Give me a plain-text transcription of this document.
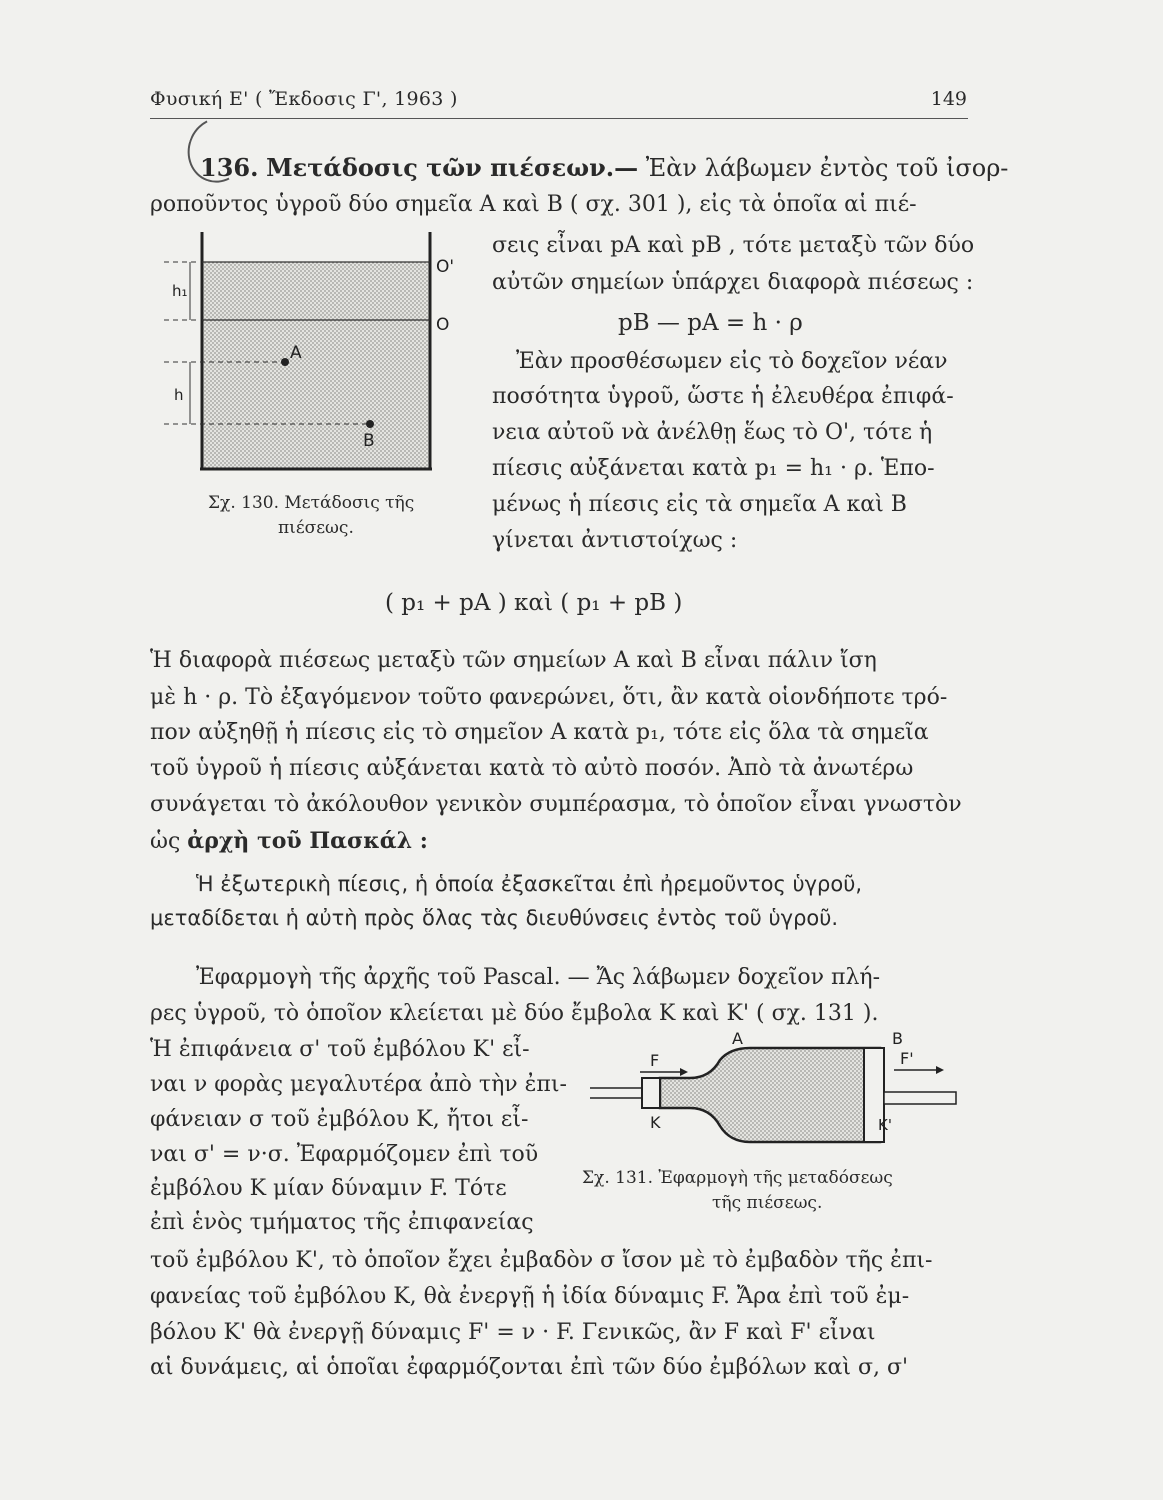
Φυσική Ε' ( Ἔκδοσις Γ', 1963 )	149
136. Μετάδοσις τῶν πιέσεων.— Ἐὰν λάβωμεν ἐντὸς τοῦ ἰσορ-
ροποῦντος ὑγροῦ δύο σημεῖα Α καὶ Β ( σχ. 301 ), εἰς τὰ ὁποῖα αἱ πιέ-
σεις εἶναι pΑ καὶ pΒ , τότε μεταξὺ τῶν δύο
αὐτῶν σημείων ὑπάρχει διαφορὰ πιέσεως :
pΒ — pΑ = h · ρ
Ἐὰν προσθέσωμεν εἰς τὸ δοχεῖον νέαν
ποσότητα ὑγροῦ, ὥστε ἡ ἐλευθέρα ἐπιφά-
νεια αὐτοῦ νὰ ἀνέλθῃ ἕως τὸ Ο', τότε ἡ
πίεσις αὐξάνεται κατὰ p₁ = h₁ · ρ. Ἑπο-
μένως ἡ πίεσις εἰς τὰ σημεῖα Α καὶ Β
γίνεται ἀντιστοίχως :
O'
O
A
B
h₁
h
Σχ. 130. Μετάδοσις τῆς
πιέσεως.
( p₁ + pΑ ) καὶ ( p₁ + pΒ )
Ἡ διαφορὰ πιέσεως μεταξὺ τῶν σημείων Α καὶ Β εἶναι πάλιν ἴση
μὲ h · ρ. Τὸ ἐξαγόμενον τοῦτο φανερώνει, ὅτι, ἂν κατὰ οἱονδήποτε τρό-
πον αὐξηθῇ ἡ πίεσις εἰς τὸ σημεῖον Α κατὰ p₁, τότε εἰς ὅλα τὰ σημεῖα
τοῦ ὑγροῦ ἡ πίεσις αὐξάνεται κατὰ τὸ αὐτὸ ποσόν. Ἀπὸ τὰ ἀνωτέρω
συνάγεται τὸ ἀκόλουθον γενικὸν συμπέρασμα, τὸ ὁποῖον εἶναι γνωστὸν
ὡς ἀρχὴ τοῦ Πασκάλ :
Ἡ ἐξωτερικὴ πίεσις, ἡ ὁποία ἐξασκεῖται ἐπὶ ἠρεμοῦντος ὑγροῦ,
μεταδίδεται ἡ αὐτὴ πρὸς ὅλας τὰς διευθύνσεις ἐντὸς τοῦ ὑγροῦ.
Ἐφαρμογὴ τῆς ἀρχῆς τοῦ Pascal. — Ἄς λάβωμεν δοχεῖον πλή-
ρες ὑγροῦ, τὸ ὁποῖον κλείεται μὲ δύο ἔμβολα Κ καὶ Κ' ( σχ. 131 ).
Ἡ ἐπιφάνεια σ' τοῦ ἐμβόλου Κ' εἶ-
ναι ν φορὰς μεγαλυτέρα ἀπὸ τὴν ἐπι-
φάνειαν σ τοῦ ἐμβόλου Κ, ἤτοι εἶ-
ναι σ' = ν·σ. Ἐφαρμόζομεν ἐπὶ τοῦ
ἐμβόλου Κ μίαν δύναμιν F. Τότε
ἐπὶ ἑνὸς τμήματος τῆς ἐπιφανείας
τοῦ ἐμβόλου Κ', τὸ ὁποῖον ἔχει ἐμβαδὸν σ ἴσον μὲ τὸ ἐμβαδὸν τῆς ἐπι-
φανείας τοῦ ἐμβόλου Κ, θὰ ἐνεργῇ ἡ ἰδία δύναμις F. Ἄρα ἐπὶ τοῦ ἐμ-
βόλου Κ' θὰ ἐνεργῇ δύναμις F' = ν · F. Γενικῶς, ἂν F καὶ F' εἶναι
αἱ δυνάμεις, αἱ ὁποῖαι ἐφαρμόζονται ἐπὶ τῶν δύο ἐμβόλων καὶ σ, σ'
A	B
F	F'
K	K'
Σχ. 131. Ἐφαρμογὴ τῆς μεταδόσεως
τῆς πιέσεως.
